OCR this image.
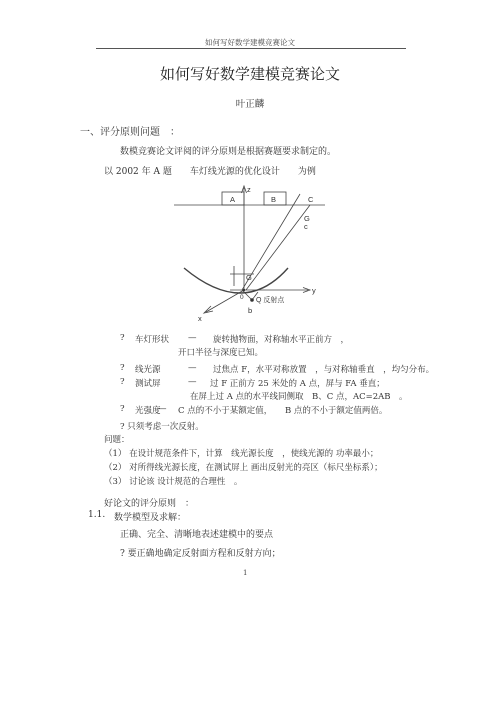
如何写好数学建模竞赛论文
如何写好数学建模竞赛论文
叶正麟
一、评分原则问题　：
数模竞赛论文评阅的评分原则是根据赛题要求制定的。
以 2002 年 A 题　　车灯线光源的优化设计　　为例
z
A	B	C
G
c
G
0 Q 反射点
b
y
x
? 车灯形状 — 旋转抛物面，对称轴水平正前方　，
开口半径与深度已知。
? 线光源	— 过焦点 F，水平对称放置　，与对称轴垂直　，均匀分布。
? 测试屏	— 过 F 正前方 25 米处的 A 点，屏与 FA 垂直；
在屏上过 A 点的水平线同侧取　B、C 点，AC=2AB　。
? 光强度
— C 点的不小于某额定值，　　B 点的不小于额定值两倍。
? 只须考虑一次反射。
问题：
（1） 在设计规范条件下，计算　线光源长度　，使线光源的 功率最小；
（2） 对所得线光源长度，在测试屏上 画出反射光的亮区（标尺坐标系）；
（3） 讨论该 设计规范的合理性　。
好论文的评分原则　：
1.1. 数学模型及求解：
正确、完全、清晰地表述建模中的要点
? 要正确地确定反射面方程和反射方向；
1
